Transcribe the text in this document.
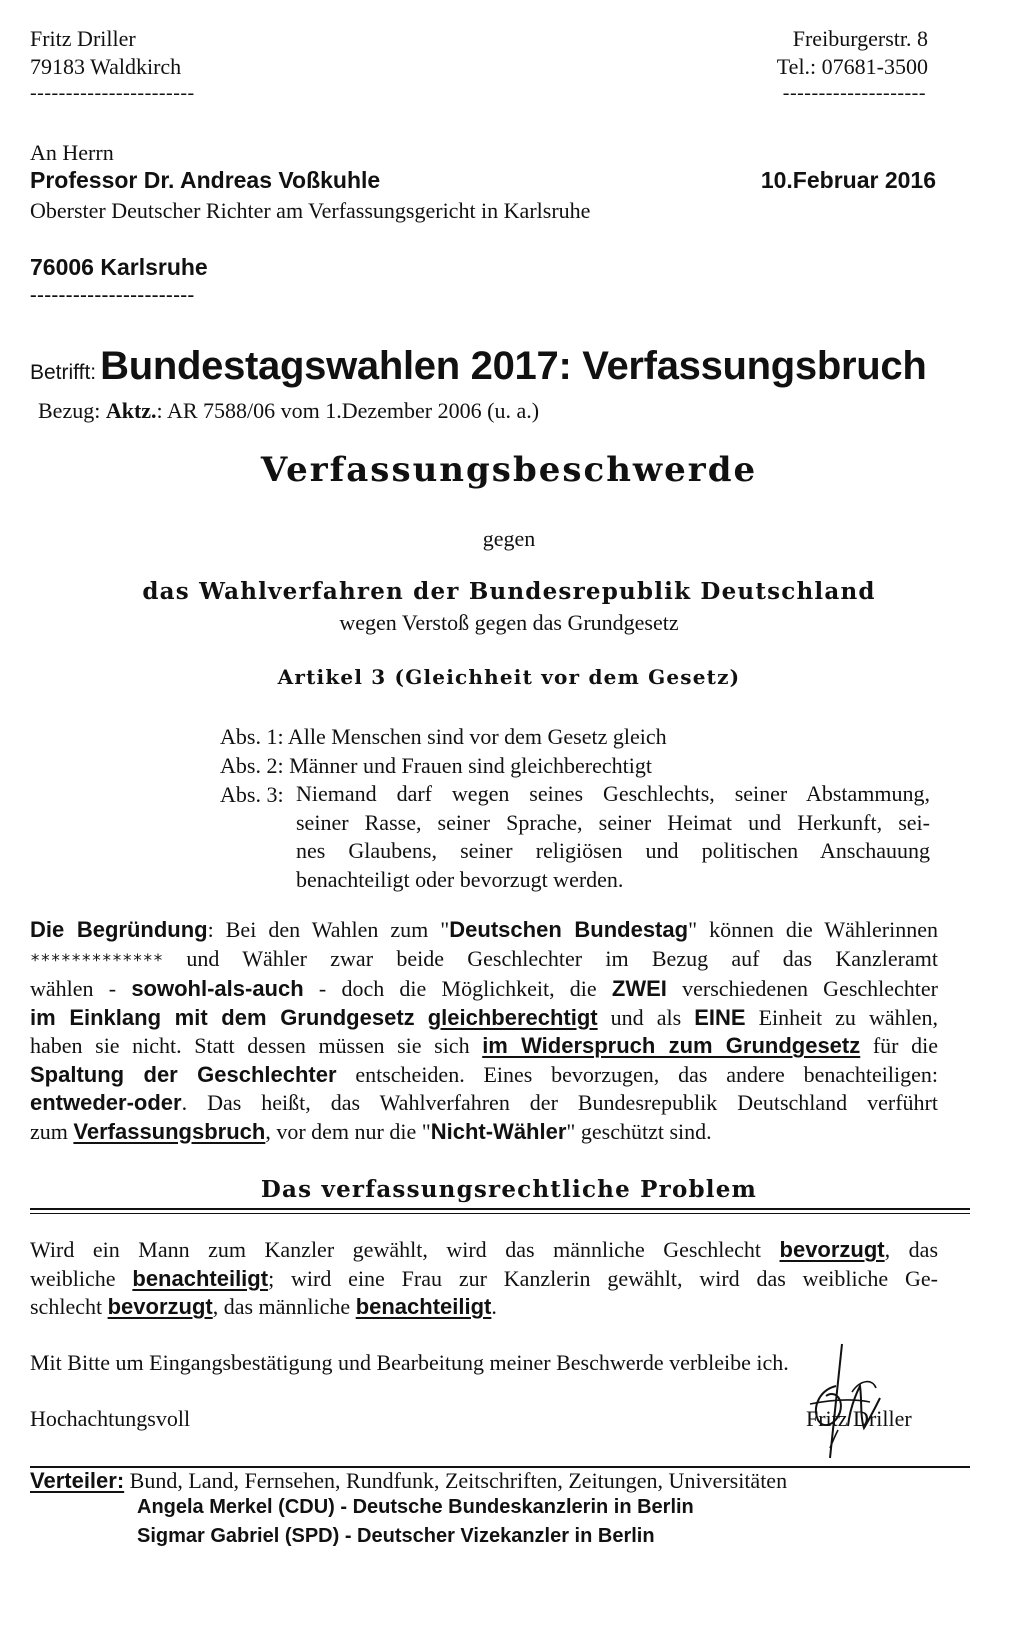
Fritz Driller
79183 Waldkirch
-----------------------
Freiburgerstr. 8
Tel.: 07681-3500
--------------------
An Herrn
Professor Dr. Andreas Voßkuhle
Oberster Deutscher Richter am Verfassungsgericht in Karlsruhe
10.Februar 2016
76006 Karlsruhe
-----------------------
Betrifft: Bundestagswahlen 2017: Verfassungsbruch
Bezug: Aktz.: AR 7588/06 vom 1.Dezember 2006 (u. a.)
Verfassungsbeschwerde
gegen
das Wahlverfahren der Bundesrepublik Deutschland
wegen Verstoß gegen das Grundgesetz
Artikel 3 (Gleichheit vor dem Gesetz)
Abs. 1: Alle Menschen sind vor dem Gesetz gleich
Abs. 2: Männer und Frauen sind gleichberechtigt
Abs. 3: Niemand darf wegen seines Geschlechts, seiner Abstammung,
seiner Rasse, seiner Sprache, seiner Heimat und Herkunft, sei-
nes Glaubens, seiner religiösen und politischen Anschauung
benachteiligt oder bevorzugt werden.
Die Begründung: Bei den Wahlen zum "Deutschen Bundestag" können die Wählerinnen
************* und Wähler zwar beide Geschlechter im Bezug auf das Kanzleramt
wählen - sowohl-als-auch - doch die Möglichkeit, die ZWEI verschiedenen Geschlechter
im Einklang mit dem Grundgesetz gleichberechtigt und als EINE Einheit zu wählen,
haben sie nicht. Statt dessen müssen sie sich im Widerspruch zum Grundgesetz für die
Spaltung der Geschlechter entscheiden. Eines bevorzugen, das andere benachteiligen:
entweder-oder. Das heißt, das Wahlverfahren der Bundesrepublik Deutschland verführt
zum Verfassungsbruch, vor dem nur die "Nicht-Wähler" geschützt sind.
Das verfassungsrechtliche Problem
Wird ein Mann zum Kanzler gewählt, wird das männliche Geschlecht bevorzugt, das
weibliche benachteiligt; wird eine Frau zur Kanzlerin gewählt, wird das weibliche Ge-
schlecht bevorzugt, das männliche benachteiligt.
Mit Bitte um Eingangsbestätigung und Bearbeitung meiner Beschwerde verbleibe ich.
Hochachtungsvoll	Fritz Driller
Verteiler: Bund, Land, Fernsehen, Rundfunk, Zeitschriften, Zeitungen, Universitäten
Angela Merkel (CDU) - Deutsche Bundeskanzlerin in Berlin
Sigmar Gabriel (SPD) - Deutscher Vizekanzler in Berlin
